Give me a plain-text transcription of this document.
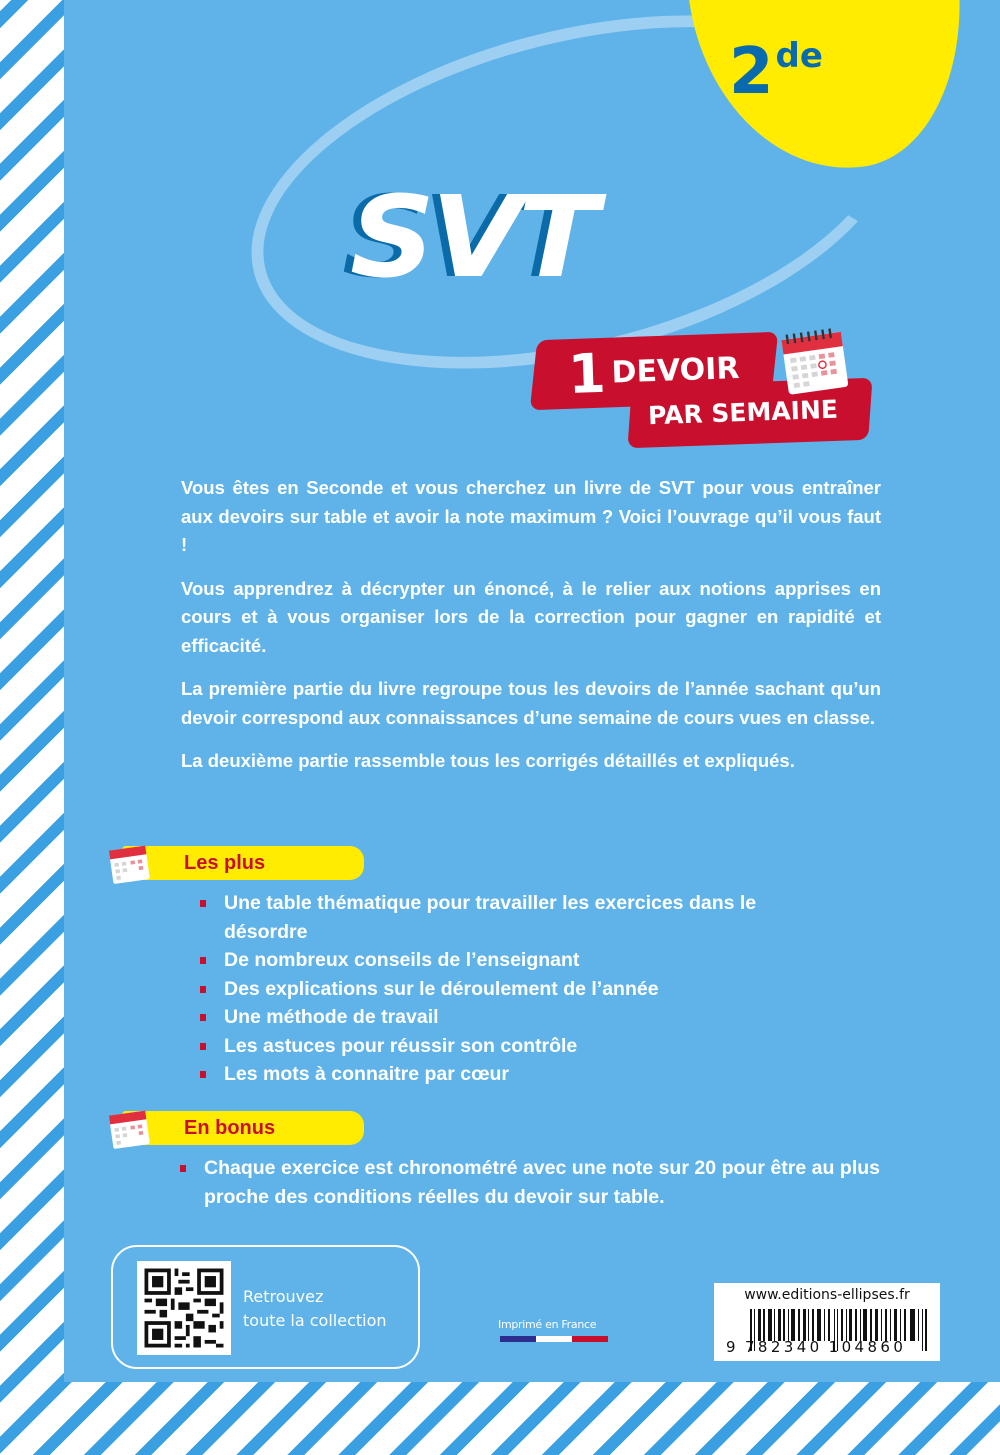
2de
SVT
1 DEVOIR
PAR SEMAINE

Vous êtes en Seconde et vous cherchez un livre de SVT pour vous entraîner aux devoirs sur table et avoir la note maximum ? Voici l’ouvrage qu’il vous faut !

Vous apprendrez à décrypter un énoncé, à le relier aux notions apprises en cours et à vous organiser lors de la correction pour gagner en rapidité et efficacité.

La première partie du livre regroupe tous les devoirs de l’année sachant qu’un devoir correspond aux connaissances d’une semaine de cours vues en classe.

La deuxième partie rassemble tous les corrigés détaillés et expliqués.

Les plus
Une table thématique pour travailler les exercices dans le désordre
De nombreux conseils de l’enseignant
Des explications sur le déroulement de l’année
Une méthode de travail
Les astuces pour réussir son contrôle
Les mots à connaitre par cœur
En bonus
Chaque exercice est chronométré avec une note sur 20 pour être au plus proche des conditions réelles du devoir sur table.
Retrouvez
toute la collection	Imprimé en France
www.editions-ellipses.fr
9 782340 104860
